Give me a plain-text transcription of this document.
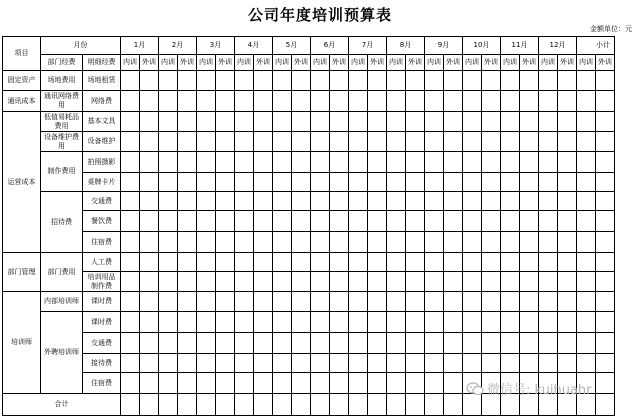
公司年度培训预算表
金额单位：元
项目	月份		1月		2月		3月		4月		5月		6月		7月		8月		9月		10月		11月		12月		小计	
	部门经费	明细经费	内训	外训	内训	外训	内训	外训	内训	外训	内训	外训	内训	外训	内训	外训	内训	外训	内训	外训	内训	外训	内训	外训	内训	外训	内训	外训
固定资产	场地费用	场地租赁																										
通讯成本	通讯网络费用	网络费																										
运营成本	低值易耗品费用	基本文具																										
	设备维护费用	设备维护																										
	制作费用	拍照摄影																										
		桌牌卡片																										
	招待费	交通费																										
		餐饮费																										
		住宿费																										
部门管理	部门费用	人工费																										
		培训用品制作费																										
培训师	内部培训师	课时费																										
	外聘培训师	课时费																										
		交通费																										
		接待费																										
		住宿费																										
合计																												
微信号: kuihuahr
